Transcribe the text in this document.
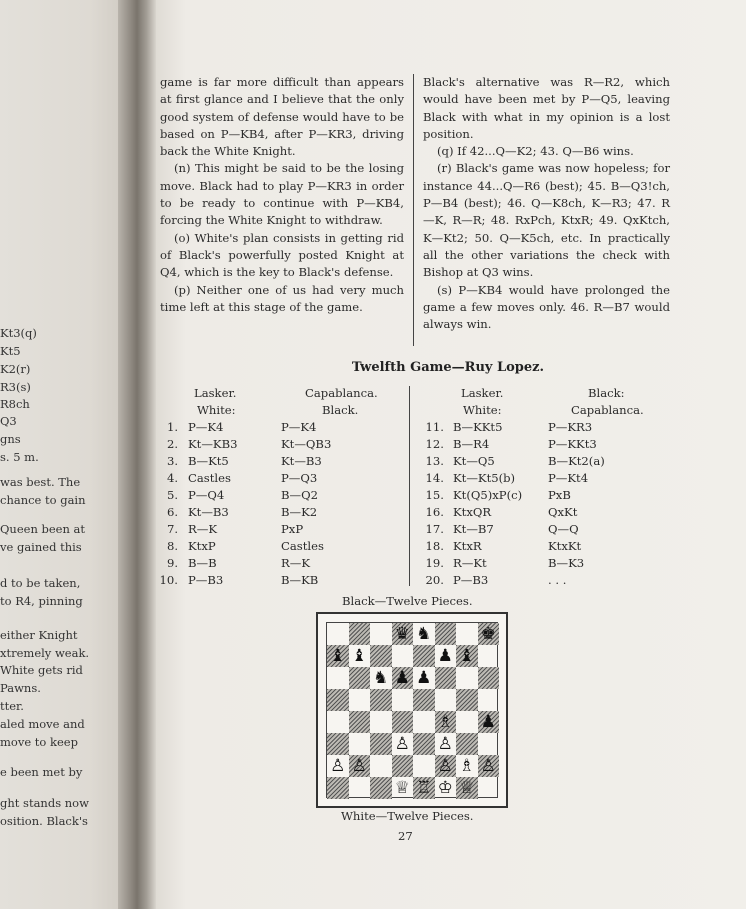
Kt3(q)
Kt5
K2(r)
R3(s)
R8ch
Q3
gns
s. 5 m.
was best. The
chance to gain
Queen been at
ve gained this
d to be taken,
to R4, pinning
either Knight
xtremely weak.
White gets rid
Pawns.
tter.
aled move and
move to keep
e been met by
ght stands now
osition. Black's

game is far more difficult than appears at first glance and I believe that the only good system of defense would have to be based on P—KB4, after P—KR3, driving back the White Knight.

(n) This might be said to be the losing move. Black had to play P—KR3 in order to be ready to continue with P—KB4, forcing the White Knight to withdraw.

(o) White's plan consists in getting rid of Black's powerfully posted Knight at Q4, which is the key to Black's defense.

(p) Neither one of us had very much time left at this stage of the game.

Black's alternative was R—R2, which would have been met by P—Q5, leaving Black with what in my opinion is a lost position.

(q) If 42...Q—K2; 43. Q—B6 wins.

(r) Black's game was now hopeless; for instance 44...Q—R6 (best); 45. B—Q3!ch, P—B4 (best); 46. Q—K8ch, K—R3; 47. R—K, R—R; 48. RxPch, KtxR; 49. QxKtch, K—Kt2; 50. Q—K5ch, etc. In practically all the other variations the check with Bishop at Q3 wins.

(s) P—KB4 would have prolonged the game a few moves only. 46. R—B7 would always win.

Twelfth Game—Ruy Lopez.
Lasker.
White:
Capablanca.
Black.
Lasker.
White:
Black:
Capablanca.
1. P—K4	P—K4
2. Kt—KB3	Kt—QB3
3. B—Kt5	Kt—B3
4. Castles	P—Q3
5. P—Q4	B—Q2
6. Kt—B3	B—K2
7. R—K	PxP
8. KtxP	Castles
9. B—B	R—K
10. P—B3	B—KB
11. B—KKt5	P—KR3
12. B—R4	P—KKt3
13. Kt—Q5	B—Kt2(a)
14. Kt—Kt5(b)	P—Kt4
15. Kt(Q5)xP(c) PxB
16. KtxQR	QxKt
17. Kt—B7	Q—Q
18. KtxR	KtxKt
19. R—Kt	B—K3
20. P—B3	. . .
Black—Twelve Pieces.
♛ ♞	♚
♝ ♝	♟ ♝
♞ ♟ ♟
♗ ♟
♙ ♙
♙ ♙	♙ ♗ ♙
♕ ♖ ♔ ♕
White—Twelve Pieces.
27
